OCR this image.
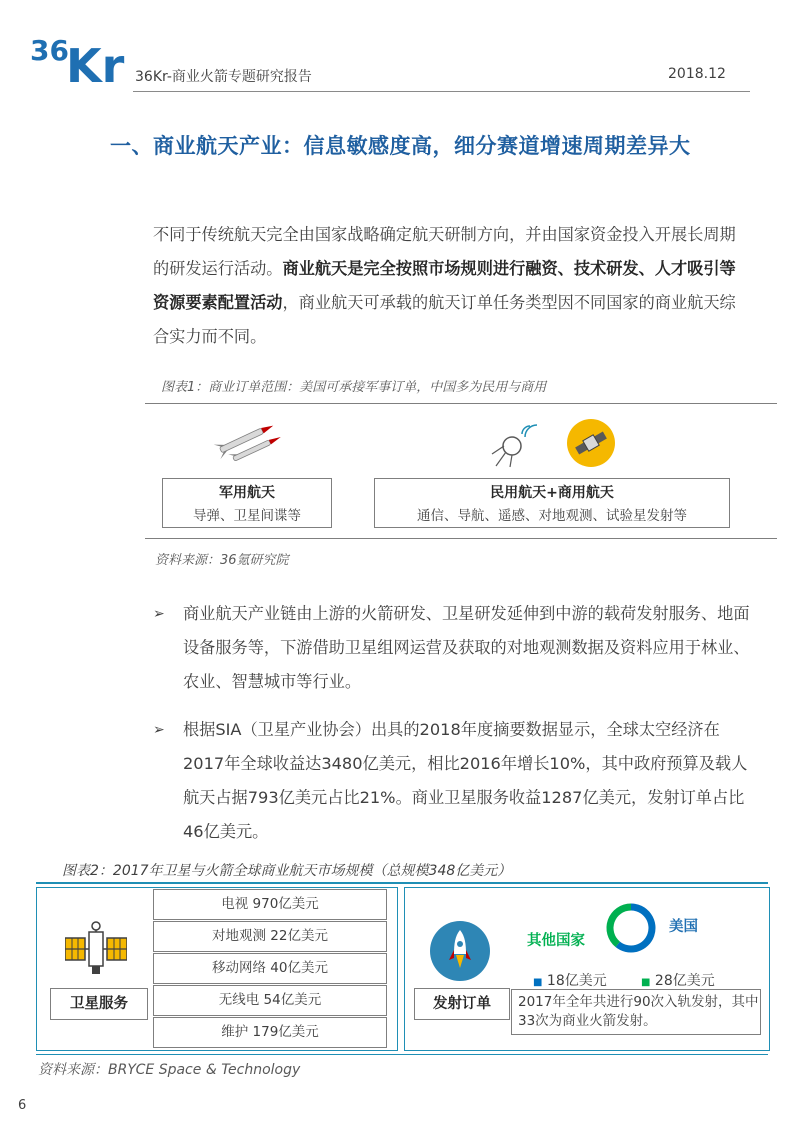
36
Kr 36Kr-商业火箭专题研究报告	2018.12
一、商业航天产业：信息敏感度高，细分赛道增速周期差异大
不同于传统航天完全由国家战略确定航天研制方向，并由国家资金投入开展长周期的研发运行活动。商业航天是完全按照市场规则进行融资、技术研发、人才吸引等资源要素配置活动，商业航天可承载的航天订单任务类型因不同国家的商业航天综合实力而不同。
图表1：商业订单范围：美国可承接军事订单，中国多为民用与商用
军用航天
导弹、卫星间谍等
民用航天+商用航天
通信、导航、遥感、对地观测、试验星发射等
资料来源：36氪研究院
➢	商业航天产业链由上游的火箭研发、卫星研发延伸到中游的载荷发射服务、地面设备服务等，下游借助卫星组网运营及获取的对地观测数据及资料应用于林业、农业、智慧城市等行业。
➢	根据SIA（卫星产业协会）出具的2018年度摘要数据显示，全球太空经济在2017年全球收益达3480亿美元，相比2016年增长10%，其中政府预算及载人航天占据793亿美元占比21%。商业卫星服务收益1287亿美元，发射订单占比46亿美元。
图表2：2017年卫星与火箭全球商业航天市场规模（总规模348亿美元）
卫星服务
电视 970亿美元
对地观测 22亿美元
移动网络 40亿美元
无线电 54亿美元
维护 179亿美元
发射订单
其他国家
美国
■ 18亿美元	■ 28亿美元
2017年全年共进行90次入轨发射，其中33次为商业火箭发射。
资料来源：BRYCE Space & Technology
6
